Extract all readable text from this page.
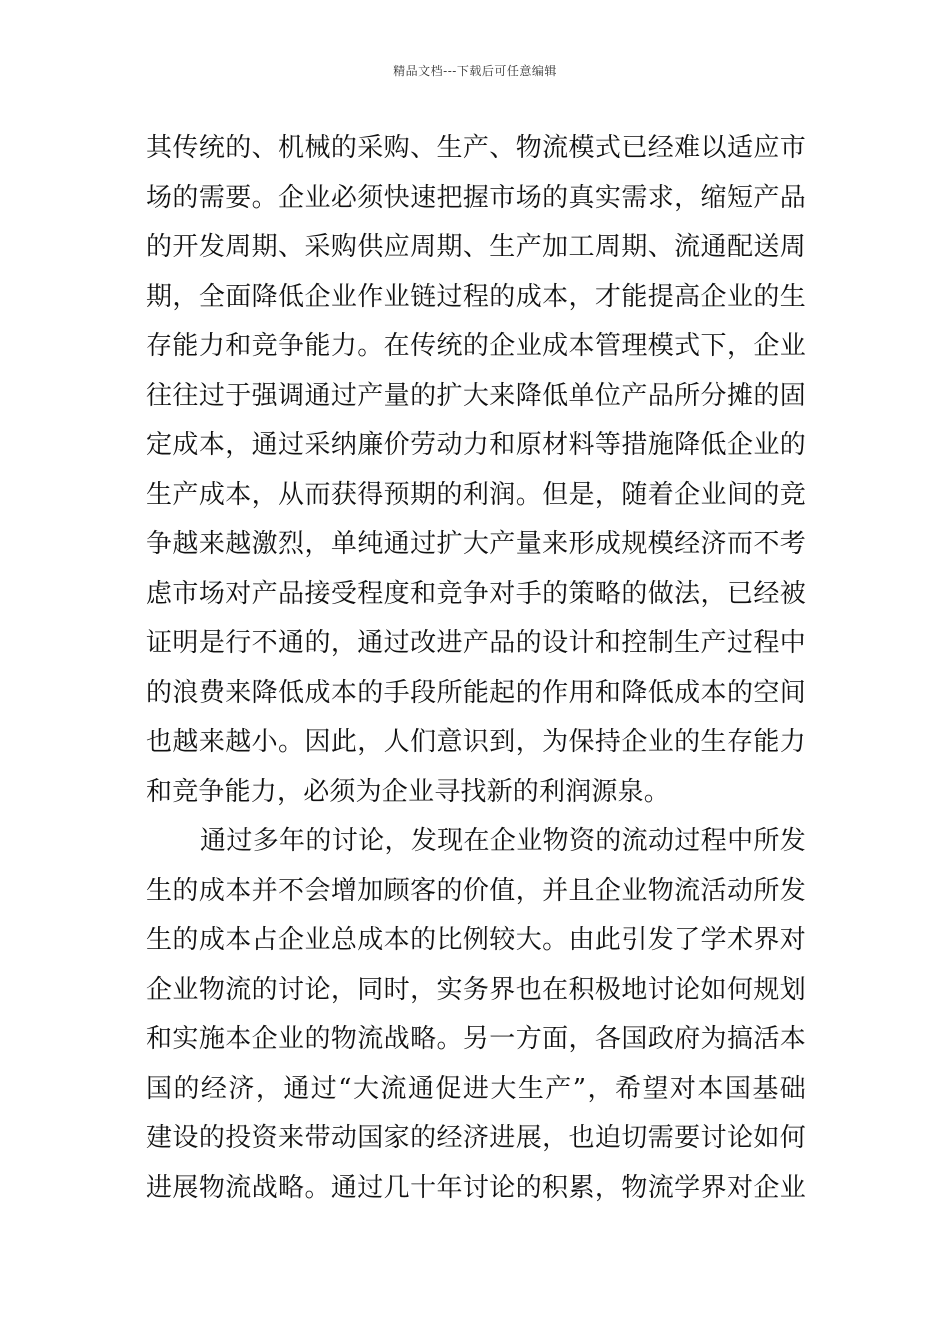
精品文档---下载后可任意编辑
其传统的、机械的采购、生产、物流模式已经难以适应市
场的需要。企业必须快速把握市场的真实需求，缩短产品
的开发周期、采购供应周期、生产加工周期、流通配送周
期，全面降低企业作业链过程的成本，才能提高企业的生
存能力和竞争能力。在传统的企业成本管理模式下，企业
往往过于强调通过产量的扩大来降低单位产品所分摊的固
定成本，通过采纳廉价劳动力和原材料等措施降低企业的
生产成本，从而获得预期的利润。但是，随着企业间的竞
争越来越激烈，单纯通过扩大产量来形成规模经济而不考
虑市场对产品接受程度和竞争对手的策略的做法，已经被
证明是行不通的，通过改进产品的设计和控制生产过程中
的浪费来降低成本的手段所能起的作用和降低成本的空间
也越来越小。因此，人们意识到，为保持企业的生存能力
和竞争能力，必须为企业寻找新的利润源泉。
通过多年的讨论，发现在企业物资的流动过程中所发
生的成本并不会增加顾客的价值，并且企业物流活动所发
生的成本占企业总成本的比例较大。由此引发了学术界对
企业物流的讨论，同时，实务界也在积极地讨论如何规划
和实施本企业的物流战略。另一方面，各国政府为搞活本
国的经济，通过“大流通促进大生产”，希望对本国基础
建设的投资来带动国家的经济进展，也迫切需要讨论如何
进展物流战略。通过几十年讨论的积累，物流学界对企业
